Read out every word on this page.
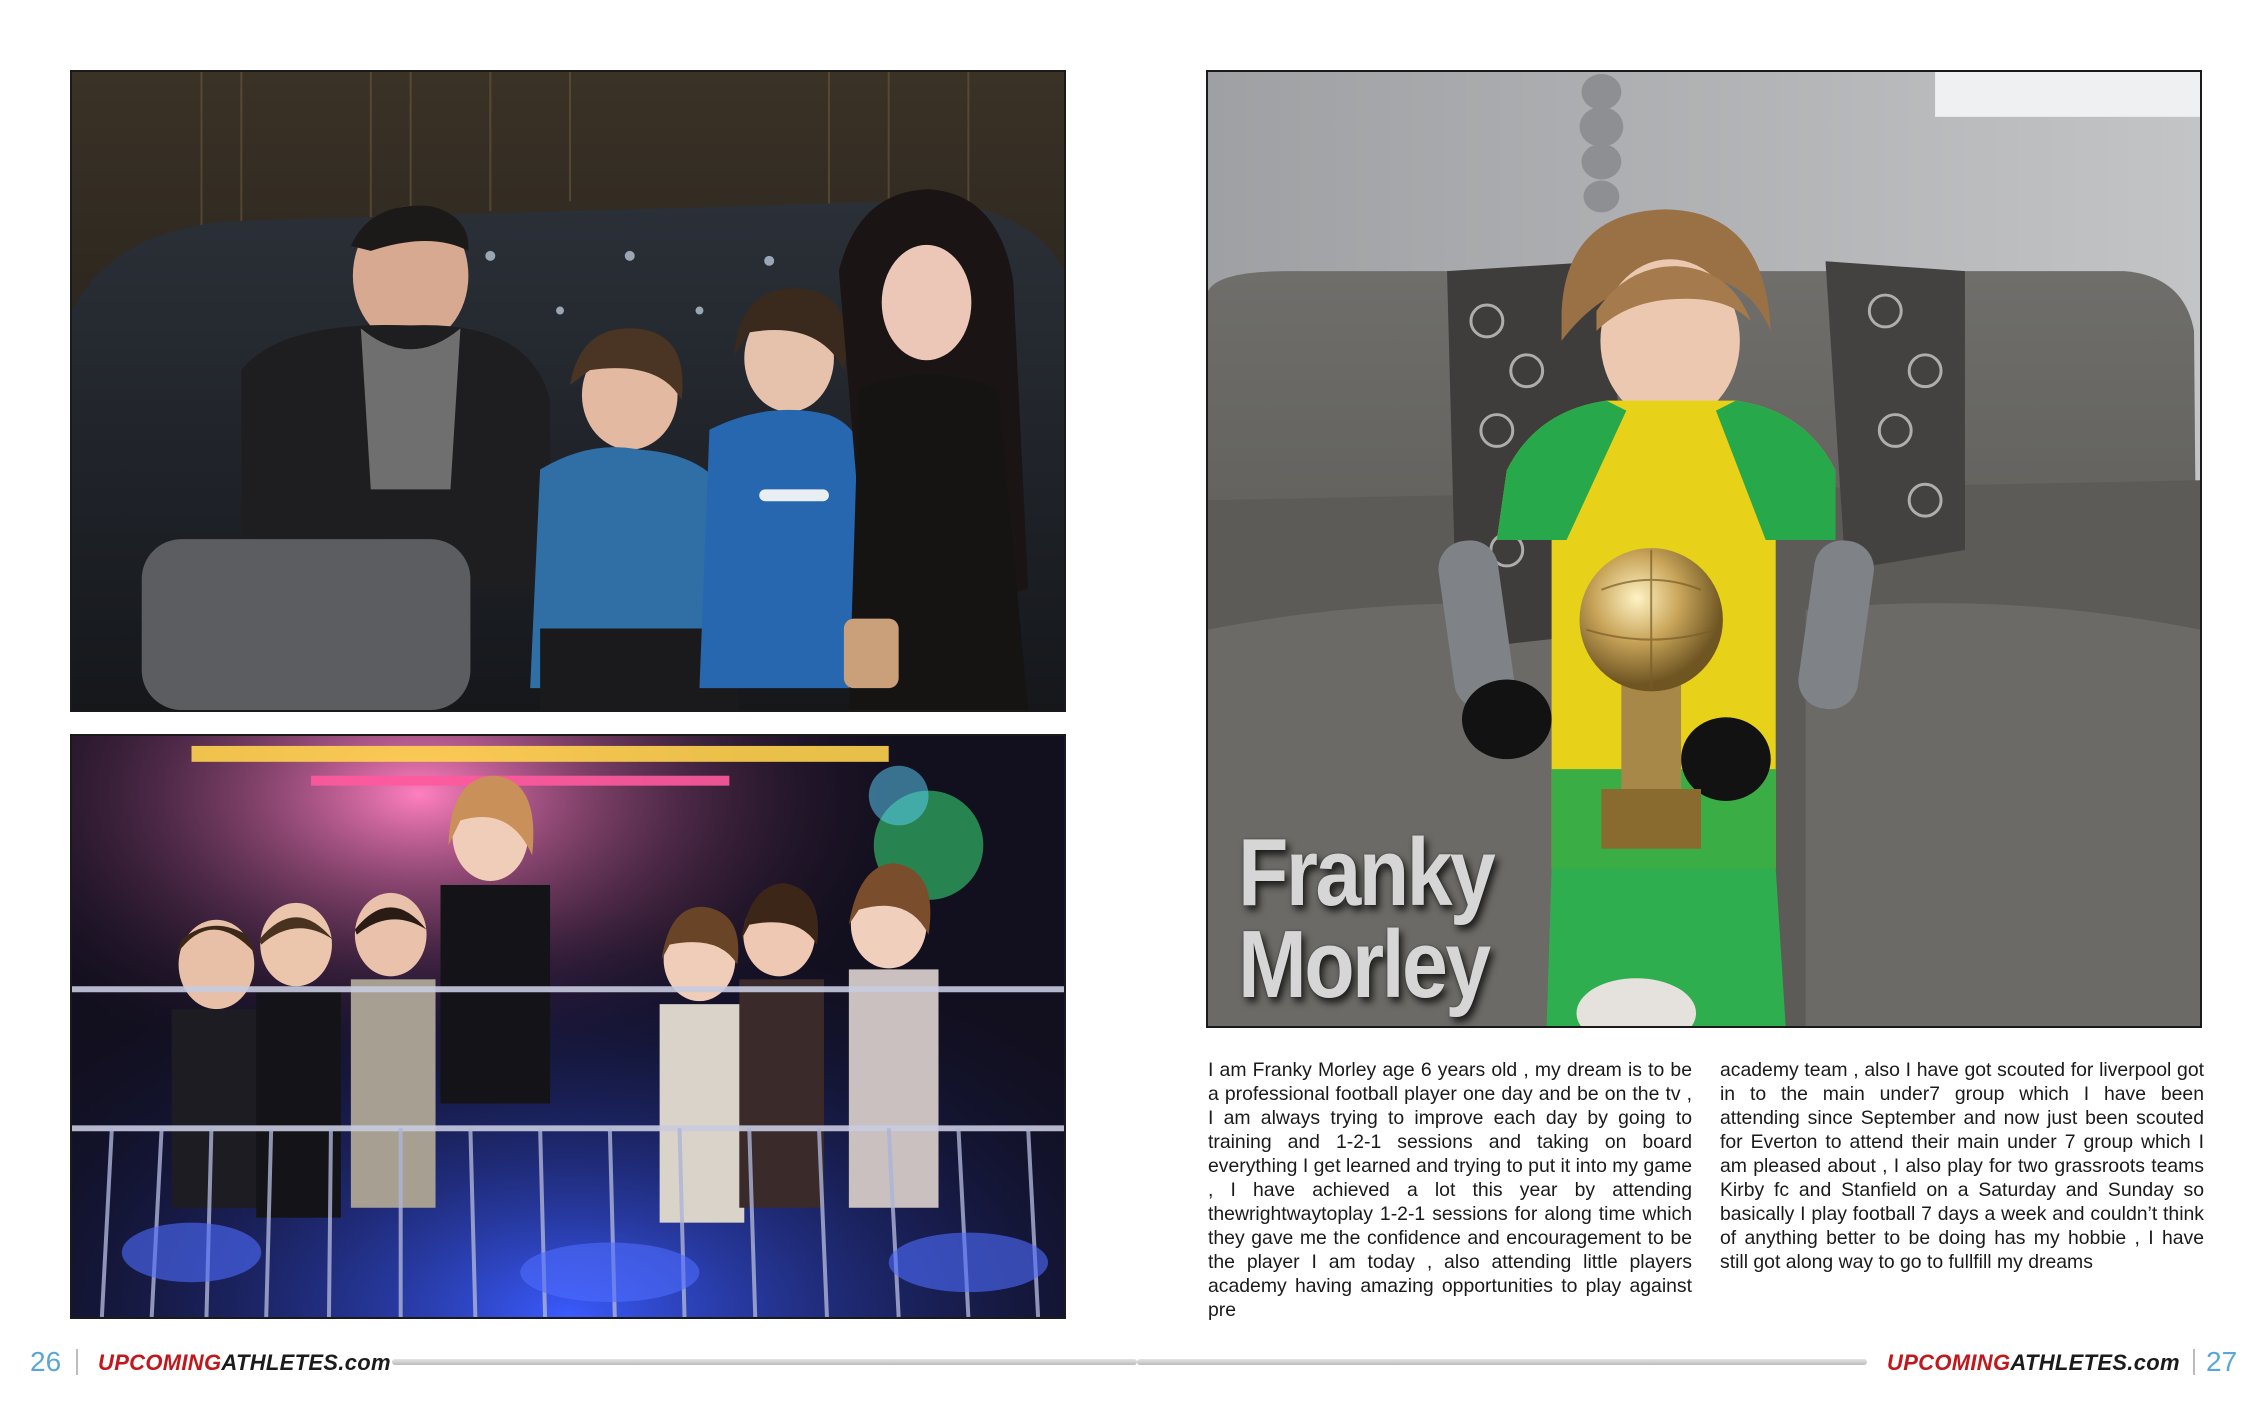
Franky
Morley

I am Franky Morley age 6 years old , my dream is to be a professional football player one day and be on the tv , I am always trying to improve each day by going to training and 1-2-1 sessions and taking on board everything I get learned and trying to put it into my game , I have achieved a lot this year by attending thewrightwaytoplay 1-2-1 sessions for along time which they gave me the confidence and encouragement to be the player I am today , also attending little players academy having amazing opportunities to play against pre

academy team , also I have got scouted for liverpool got in to the main under7 group which I have been attending since September and now just been scouted for Everton to attend their main under 7 group which I am pleased about , I also play for two grassroots teams Kirby fc and Stanfield on a Saturday and Sunday so basically I play football 7 days a week and couldn’t think of anything better to be doing has my hobbie , I have still got along way to go to fullfill my dreams

26 UPCOMINGATHLETES.com	UPCOMINGATHLETES.com 27
